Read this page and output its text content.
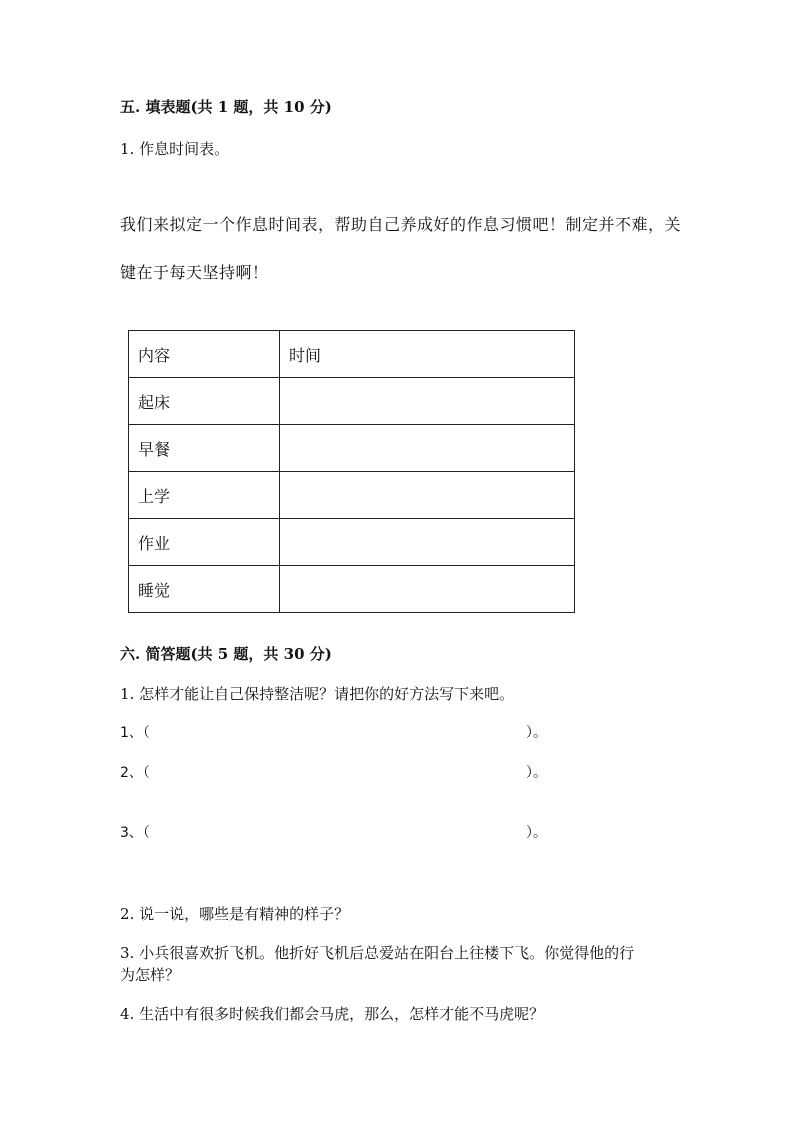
五. 填表题(共 1 题，共 10 分)
1. 作息时间表。
我们来拟定一个作息时间表，帮助自己养成好的作息习惯吧！制定并不难，关
键在于每天坚持啊！
内容	时间
起床	
早餐	
上学	
作业	
睡觉	
六. 简答题(共 5 题，共 30 分)
1. 怎样才能让自己保持整洁呢？请把你的好方法写下来吧。
1、（	）。
2、（	）。
3、（	）。
2. 说一说，哪些是有精神的样子？
3. 小兵很喜欢折飞机。他折好飞机后总爱站在阳台上往楼下飞。你觉得他的行
为怎样？
4. 生活中有很多时候我们都会马虎，那么，怎样才能不马虎呢？
